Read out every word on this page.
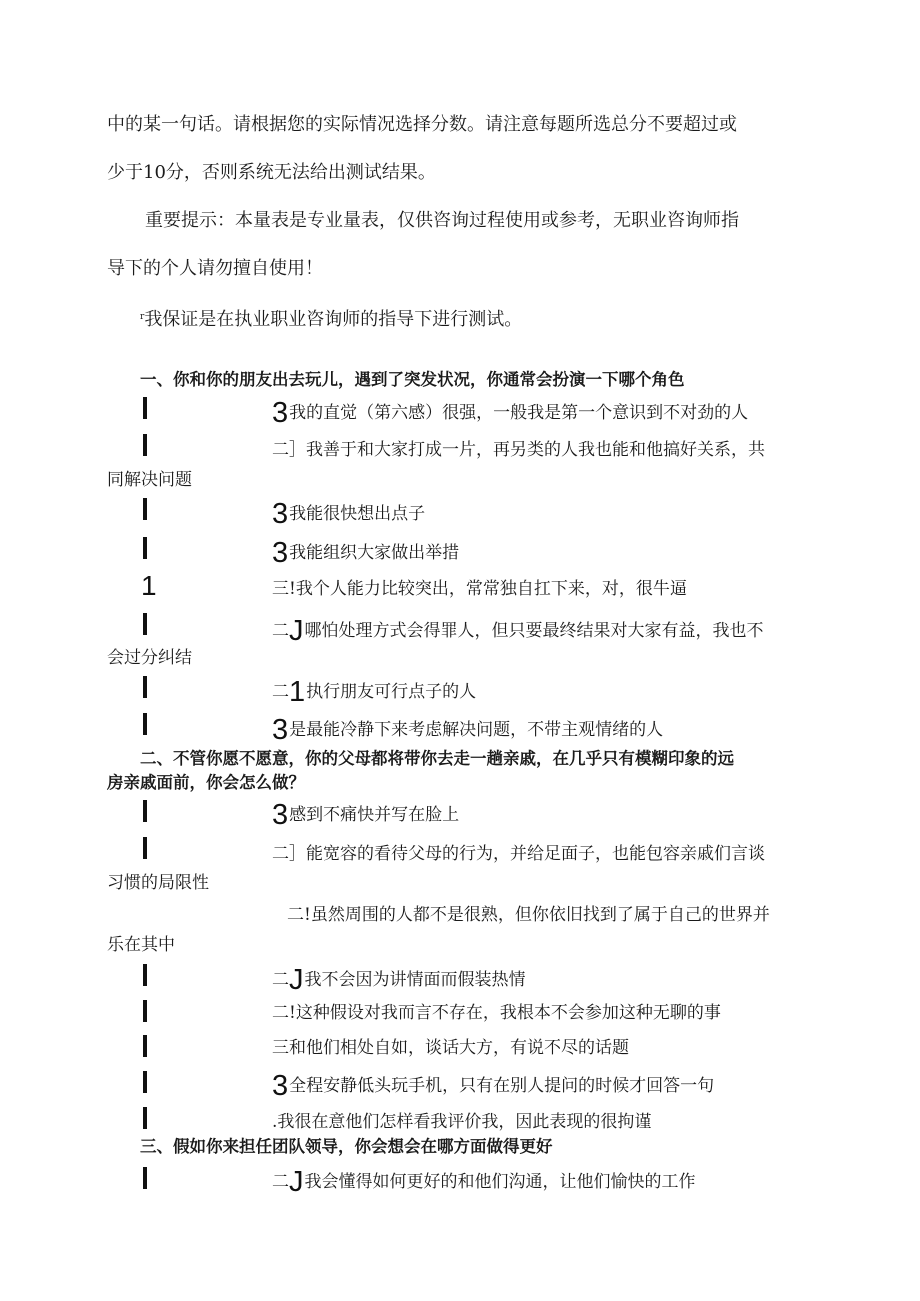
中的某一句话。请根据您的实际情况选择分数。请注意每题所选总分不要超过或
少于10分，否则系统无法给出测试结果。
重要提示：本量表是专业量表，仅供咨询过程使用或参考，无职业咨询师指
导下的个人请勿擅自使用！
$^r$我保证是在执业职业咨询师的指导下进行测试。
一、你和你的朋友出去玩儿，遇到了突发状况，你通常会扮演一下哪个角色
3我的直觉（第六感）很强，一般我是第一个意识到不对劲的人
二］我善于和大家打成一片，再另类的人我也能和他搞好关系，共
同解决问题
3我能很快想出点子
3我能组织大家做出举措
1	三!我个人能力比较突出，常常独自扛下来，对，很牛逼
二J哪怕处理方式会得罪人，但只要最终结果对大家有益，我也不
会过分纠结
二1执行朋友可行点子的人
3是最能冷静下来考虑解决问题，不带主观情绪的人
二、不管你愿不愿意，你的父母都将带你去走一趟亲戚，在几乎只有模糊印象的远
房亲戚面前，你会怎么做？
3感到不痛快并写在脸上
二］能宽容的看待父母的行为，并给足面子，也能包容亲戚们言谈
习惯的局限性
二!虽然周围的人都不是很熟，但你依旧找到了属于自己的世界并
乐在其中
二J我不会因为讲情面而假装热情
二!这种假设对我而言不存在，我根本不会参加这种无聊的事
三和他们相处自如，谈话大方，有说不尽的话题
3全程安静低头玩手机，只有在别人提问的时候才回答一句
.我很在意他们怎样看我评价我，因此表现的很拘谨
三、假如你来担任团队领导，你会想会在哪方面做得更好
二J我会懂得如何更好的和他们沟通，让他们愉快的工作
